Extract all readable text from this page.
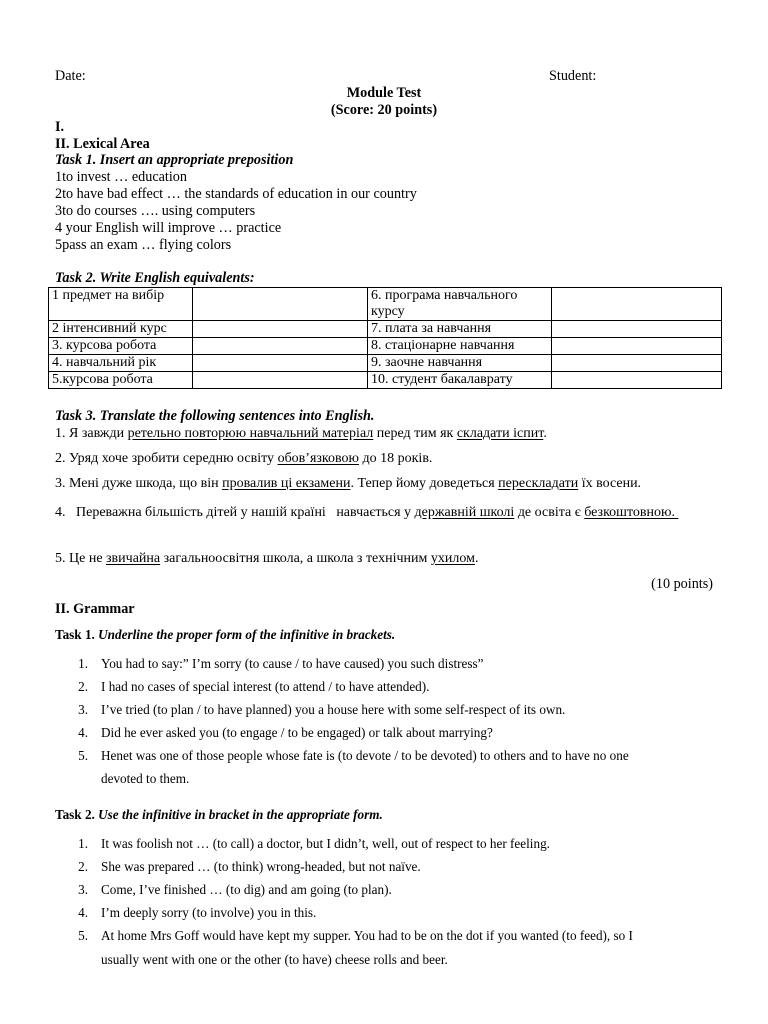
Date:	Student:
Module Test
(Score: 20 points)
I.
II. Lexical Area
Task 1. Insert an appropriate preposition
1to invest … education
2to have bad effect … the standards of education in our country
3to do courses …. using computers
4 your English will improve … practice
5pass an exam … flying colors
Task 2. Write English equivalents:
1 предмет на вибір		6. програма навчального курсу	
2 інтенсивний курс		7. плата за навчання	
3. курсова робота		8. стаціонарне навчання	
4. навчальний рік		9. заочне навчання	
5.курсова робота		10. студент бакалаврату	
Task 3. Translate the following sentences into English.
1. Я завжди ретельно повторюю навчальний матеріал перед тим як складати іспит.
2. Уряд хоче зробити середню освіту обов’язковою до 18 років.
3. Мені дуже шкода, що він провалив ці екзамени. Тепер йому доведеться перескладати їх восени.
4.   Переважна більшість дітей у нашій країні   навчається у державній школі де освіта є безкоштовною.
5. Це не звичайна загальноосвітня школа, а школа з технічним ухилом.
(10 points)
II. Grammar
Task 1. Underline the proper form of the infinitive in brackets.
1. You had to say:” I’m sorry (to cause / to have caused) you such distress”
2. I had no cases of special interest (to attend / to have attended).
3. I’ve tried (to plan / to have planned) you a house here with some self-respect of its own.
4. Did he ever asked you (to engage / to be engaged) or talk about marrying?
5. Henet was one of those people whose fate is (to devote / to be devoted) to others and to have no one
devoted to them.
Task 2. Use the infinitive in bracket in the appropriate form.
1. It was foolish not … (to call) a doctor, but I didn’t, well, out of respect to her feeling.
2. She was prepared … (to think) wrong-headed, but not naïve.
3. Come, I’ve finished … (to dig) and am going (to plan).
4. I’m deeply sorry (to involve) you in this.
5. At home Mrs Goff would have kept my supper. You had to be on the dot if you wanted (to feed), so I
usually went with one or the other (to have) cheese rolls and beer.
